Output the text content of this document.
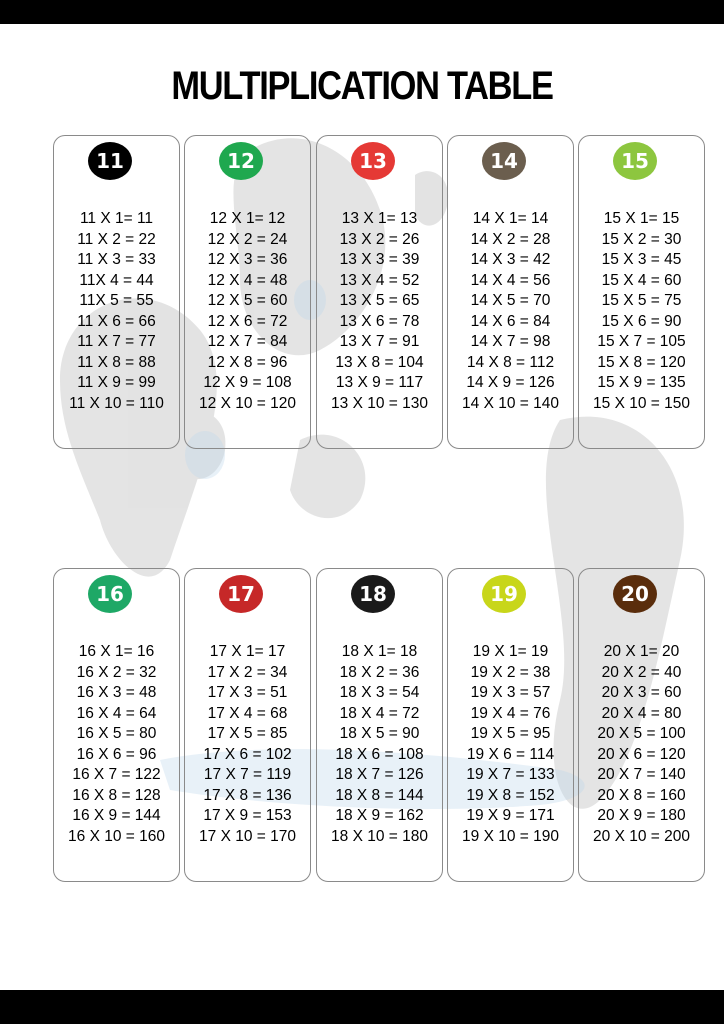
MULTIPLICATION TABLE
11
11 X 1= 11
11 X 2 = 22
11 X 3 = 33
11X 4 = 44
11X 5 = 55
11 X 6 = 66
11 X 7 = 77
11 X 8 = 88
11 X 9 = 99
11 X 10 = 110
12
12 X 1= 12
12 X 2 = 24
12 X 3 = 36
12 X 4 = 48
12 X 5 = 60
12 X 6 = 72
12 X 7 = 84
12 X 8 = 96
12 X 9 = 108
12 X 10 = 120
13
13 X 1= 13
13 X 2 = 26
13 X 3 = 39
13 X 4 = 52
13 X 5 = 65
13 X 6 = 78
13 X 7 = 91
13 X 8 = 104
13 X 9 = 117
13 X 10 = 130
14
14 X 1= 14
14 X 2 = 28
14 X 3 = 42
14 X 4 = 56
14 X 5 = 70
14 X 6 = 84
14 X 7 = 98
14 X 8 = 112
14 X 9 = 126
14 X 10 = 140
15
15 X 1= 15
15 X 2 = 30
15 X 3 = 45
15 X 4 = 60
15 X 5 = 75
15 X 6 = 90
15 X 7 = 105
15 X 8 = 120
15 X 9 = 135
15 X 10 = 150
16
16 X 1= 16
16 X 2 = 32
16 X 3 = 48
16 X 4 = 64
16 X 5 = 80
16 X 6 = 96
16 X 7 = 122
16 X 8 = 128
16 X 9 = 144
16 X 10 = 160
17
17 X 1= 17
17 X 2 = 34
17 X 3 = 51
17 X 4 = 68
17 X 5 = 85
17 X 6 = 102
17 X 7 = 119
17 X 8 = 136
17 X 9 = 153
17 X 10 = 170
18
18 X 1= 18
18 X 2 = 36
18 X 3 = 54
18 X 4 = 72
18 X 5 = 90
18 X 6 = 108
18 X 7 = 126
18 X 8 = 144
18 X 9 = 162
18 X 10 = 180
19
19 X 1= 19
19 X 2 = 38
19 X 3 = 57
19 X 4 = 76
19 X 5 = 95
19 X 6 = 114
19 X 7 = 133
19 X 8 = 152
19 X 9 = 171
19 X 10 = 190
20
20 X 1= 20
20 X 2 = 40
20 X 3 = 60
20 X 4 = 80
20 X 5 = 100
20 X 6 = 120
20 X 7 = 140
20 X 8 = 160
20 X 9 = 180
20 X 10 = 200
